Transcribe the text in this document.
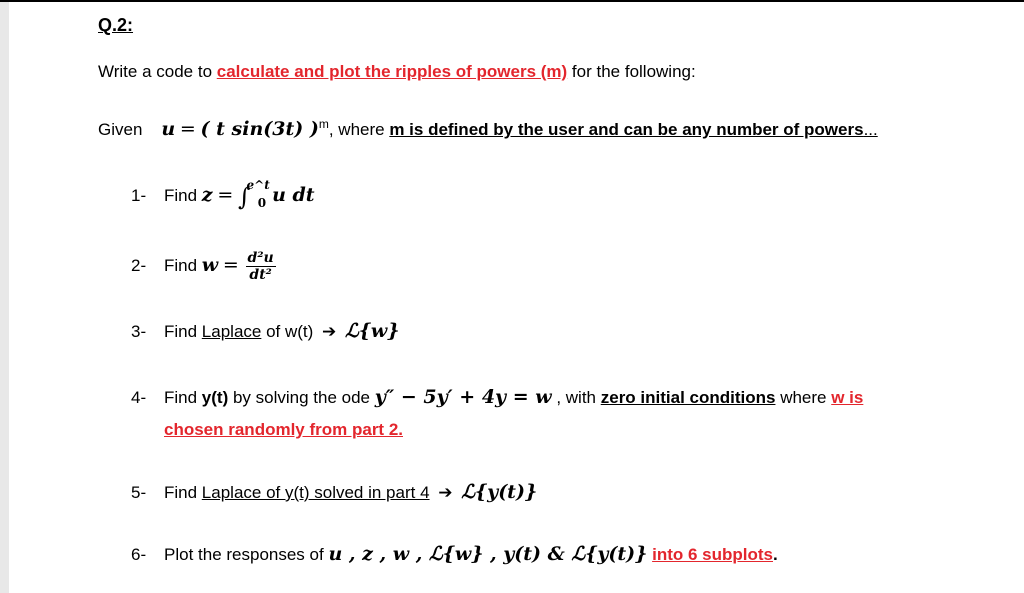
Q.2:
Write a code to calculate and plot the ripples of powers (m) for the following:
Given u = ( t sin(3t) )$^m$, where m is defined by the user and can be any number of powers...
1- Find z = ∫$^{e\^{}t}_0$ u dt
2- Find $w = \frac{\text{d²u}}{\text{dt²}}$
3- Find Laplace of w(t) ➔ ℒ{w}
4- Find y(t) by solving the ode y″ − 5y′ + 4y = w , with zero initial conditions where w is
chosen randomly from part 2.
5- Find Laplace of y(t) solved in part 4 ➔ ℒ{y(t)}
6- Plot the responses of u , z , w , ℒ{w} , y(t) & ℒ{y(t)} into 6 subplots.
